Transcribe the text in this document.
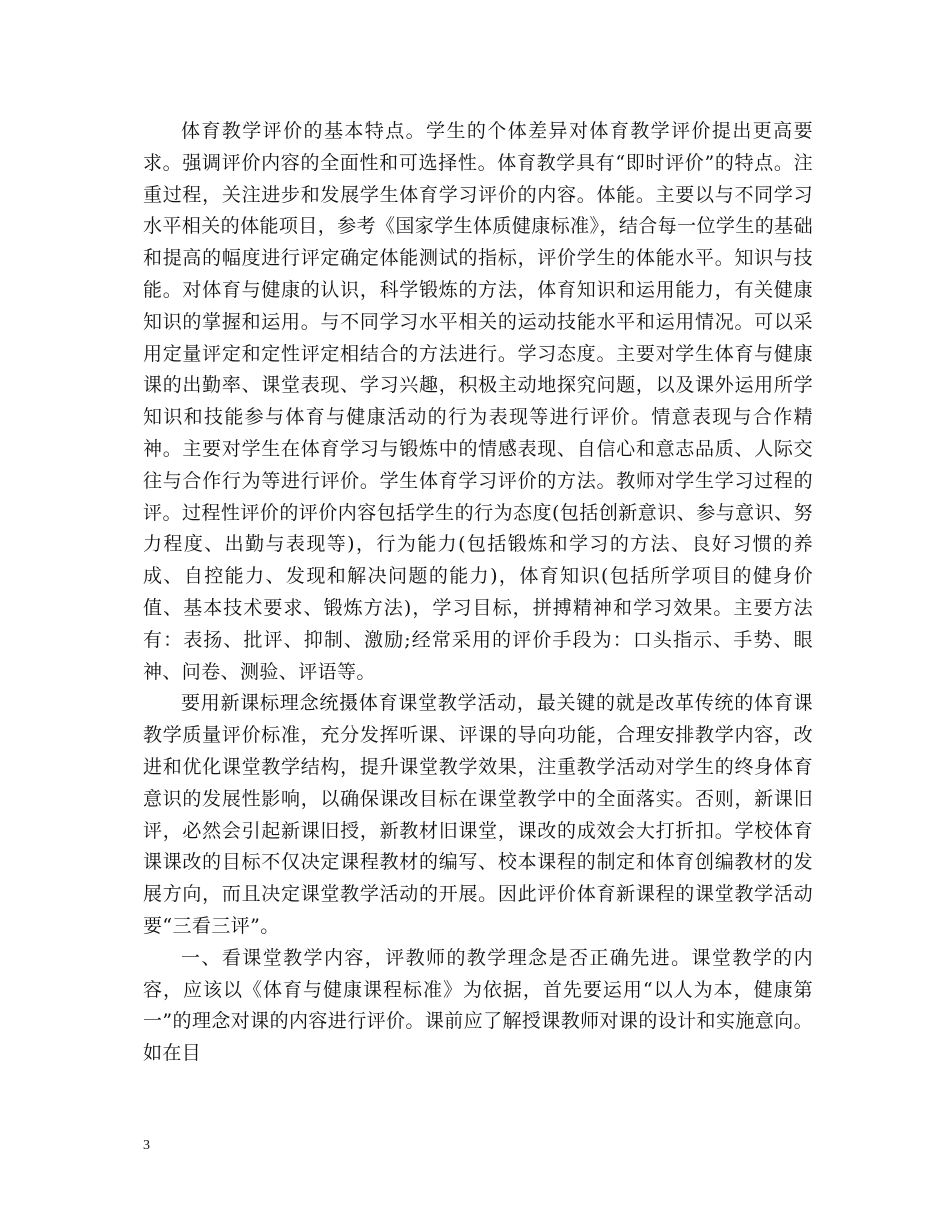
体育教学评价的基本特点。学生的个体差异对体育教学评价提出更高要求。强调评价内容的全面性和可选择性。体育教学具有“即时评价”的特点。注重过程，关注进步和发展学生体育学习评价的内容。体能。主要以与不同学习水平相关的体能项目，参考《国家学生体质健康标准》，结合每一位学生的基础和提高的幅度进行评定确定体能测试的指标，评价学生的体能水平。知识与技能。对体育与健康的认识，科学锻炼的方法，体育知识和运用能力，有关健康知识的掌握和运用。与不同学习水平相关的运动技能水平和运用情况。可以采用定量评定和定性评定相结合的方法进行。学习态度。主要对学生体育与健康课的出勤率、课堂表现、学习兴趣，积极主动地探究问题，以及课外运用所学知识和技能参与体育与健康活动的行为表现等进行评价。情意表现与合作精神。主要对学生在体育学习与锻炼中的情感表现、自信心和意志品质、人际交往与合作行为等进行评价。学生体育学习评价的方法。教师对学生学习过程的评。过程性评价的评价内容包括学生的行为态度(包括创新意识、参与意识、努力程度、出勤与表现等)，行为能力(包括锻炼和学习的方法、良好习惯的养成、自控能力、发现和解决问题的能力)，体育知识(包括所学项目的健身价值、基本技术要求、锻炼方法)，学习目标，拼搏精神和学习效果。主要方法有：表扬、批评、抑制、激励;经常采用的评价手段为：口头指示、手势、眼神、问卷、测验、评语等。

要用新课标理念统摄体育课堂教学活动，最关键的就是改革传统的体育课教学质量评价标准，充分发挥听课、评课的导向功能，合理安排教学内容，改进和优化课堂教学结构，提升课堂教学效果，注重教学活动对学生的终身体育意识的发展性影响，以确保课改目标在课堂教学中的全面落实。否则，新课旧评，必然会引起新课旧授，新教材旧课堂，课改的成效会大打折扣。学校体育课课改的目标不仅决定课程教材的编写、校本课程的制定和体育创编教材的发展方向，而且决定课堂教学活动的开展。因此评价体育新课程的课堂教学活动要“三看三评”。

一、看课堂教学内容，评教师的教学理念是否正确先进。课堂教学的内容，应该以《体育与健康课程标准》为依据，首先要运用“以人为本，健康第一”的理念对课的内容进行评价。课前应了解授课教师对课的设计和实施意向。如在目

3
